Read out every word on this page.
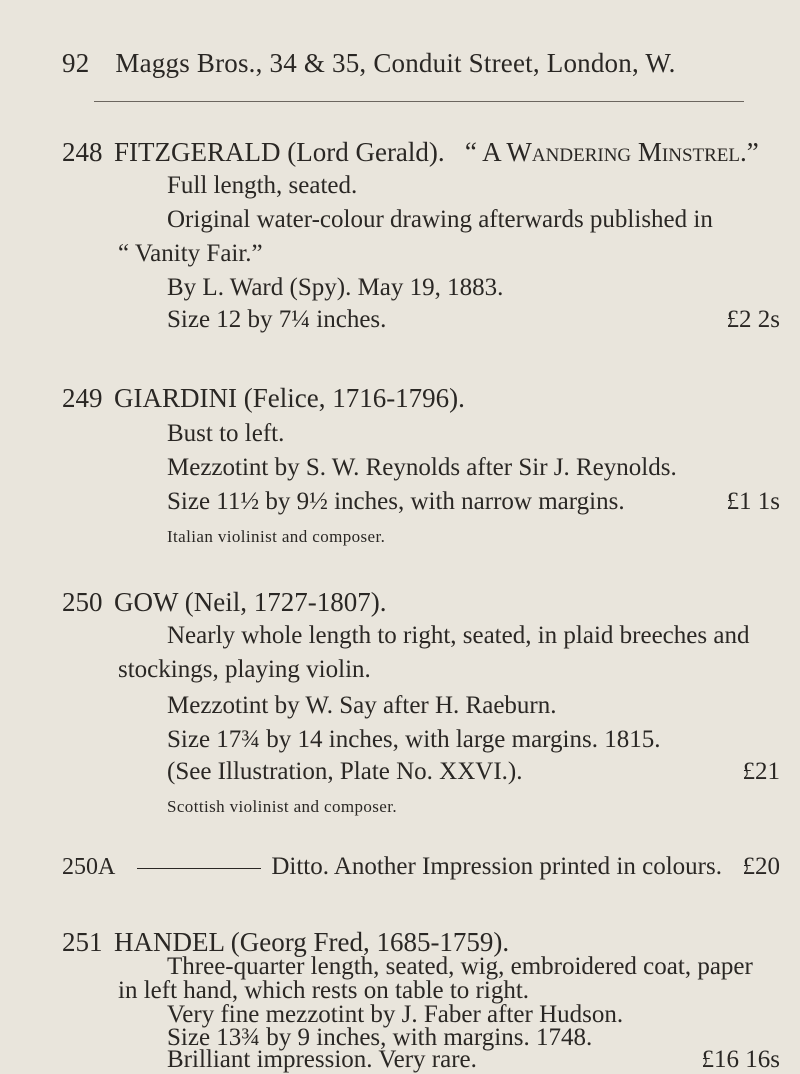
92 Maggs Bros., 34 & 35, Conduit Street, London, W.
248 FITZGERALD (Lord Gerald). “ A Wandering Minstrel.”
Full length, seated.
Original water-colour drawing afterwards published in
“ Vanity Fair.”
By L. Ward (Spy). May 19, 1883.
Size 12 by 7¼ inches.	£2 2s
249 GIARDINI (Felice, 1716-1796).
Bust to left.
Mezzotint by S. W. Reynolds after Sir J. Reynolds.
Size 11½ by 9½ inches, with narrow margins.	£1 1s
Italian violinist and composer.
250 GOW (Neil, 1727-1807).
Nearly whole length to right, seated, in plaid breeches and
stockings, playing violin.
Mezzotint by W. Say after H. Raeburn.
Size 17¾ by 14 inches, with large margins. 1815.
(See Illustration, Plate No. XXVI.).	£21
Scottish violinist and composer.
250A	Ditto. Another Impression printed in colours. £20
251 HANDEL (Georg Fred, 1685-1759).
Three-quarter length, seated, wig, embroidered coat, paper
in left hand, which rests on table to right.
Very fine mezzotint by J. Faber after Hudson.
Size 13¾ by 9 inches, with margins. 1748.
Brilliant impression. Very rare.	£16 16s
